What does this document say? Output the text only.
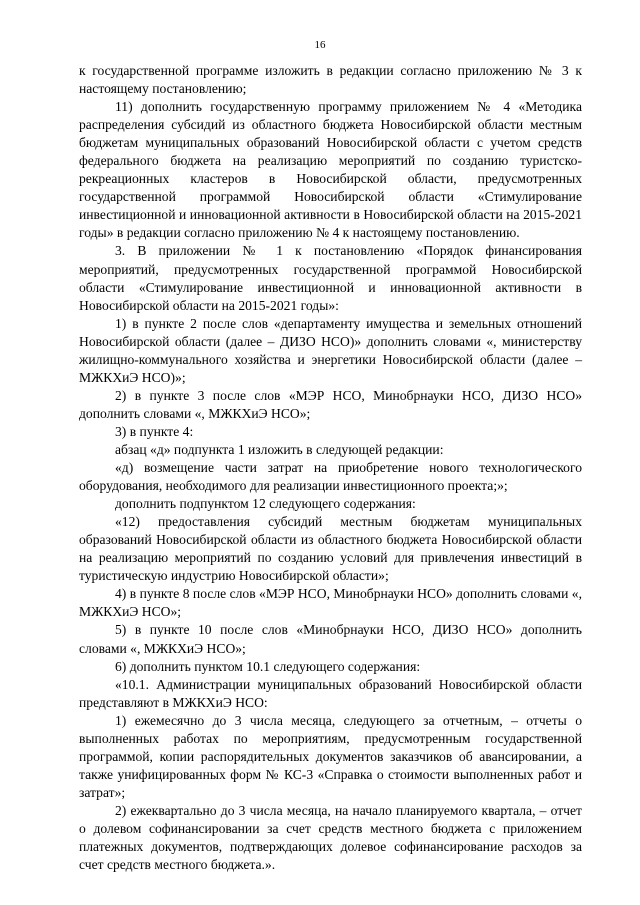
16

к государственной программе изложить в редакции согласно приложению № 3 к настоящему постановлению;

11) дополнить государственную программу приложением № 4 «Методика распределения субсидий из областного бюджета Новосибирской области местным бюджетам муниципальных образований Новосибирской области с учетом средств федерального бюджета на реализацию мероприятий по созданию туристско-рекреационных кластеров в Новосибирской области, предусмотренных государственной программой Новосибирской области «Стимулирование инвестиционной и инновационной активности в Новосибирской области на 2015-2021 годы» в редакции согласно приложению № 4 к настоящему постановлению.

3. В приложении № 1 к постановлению «Порядок финансирования мероприятий, предусмотренных государственной программой Новосибирской области «Стимулирование инвестиционной и инновационной активности в Новосибирской области на 2015-2021 годы»:

1) в пункте 2 после слов «департаменту имущества и земельных отношений Новосибирской области (далее – ДИЗО НСО)» дополнить словами «, министерству жилищно-коммунального хозяйства и энергетики Новосибирской области (далее – МЖКХиЭ НСО)»;

2) в пункте 3 после слов «МЭР НСО, Минобрнауки НСО, ДИЗО НСО» дополнить словами «, МЖКХиЭ НСО»;

3) в пункте 4:

абзац «д» подпункта 1 изложить в следующей редакции:

«д) возмещение части затрат на приобретение нового технологического оборудования, необходимого для реализации инвестиционного проекта;»;

дополнить подпунктом 12 следующего содержания:

«12) предоставления субсидий местным бюджетам муниципальных образований Новосибирской области из областного бюджета Новосибирской области на реализацию мероприятий по созданию условий для привлечения инвестиций в туристическую индустрию Новосибирской области»;

4) в пункте 8 после слов «МЭР НСО, Минобрнауки НСО» дополнить словами «, МЖКХиЭ НСО»;

5) в пункте 10 после слов «Минобрнауки НСО, ДИЗО НСО» дополнить словами «, МЖКХиЭ НСО»;

6) дополнить пунктом 10.1 следующего содержания:

«10.1. Администрации муниципальных образований Новосибирской области представляют в МЖКХиЭ НСО:

1) ежемесячно до 3 числа месяца, следующего за отчетным, – отчеты о выполненных работах по мероприятиям, предусмотренным государственной программой, копии распорядительных документов заказчиков об авансировании, а также унифицированных форм № КС-3 «Справка о стоимости выполненных работ и затрат»;

2) ежеквартально до 3 числа месяца, на начало планируемого квартала, – отчет о долевом софинансировании за счет средств местного бюджета с приложением платежных документов, подтверждающих долевое софинансирование расходов за счет средств местного бюджета.».
